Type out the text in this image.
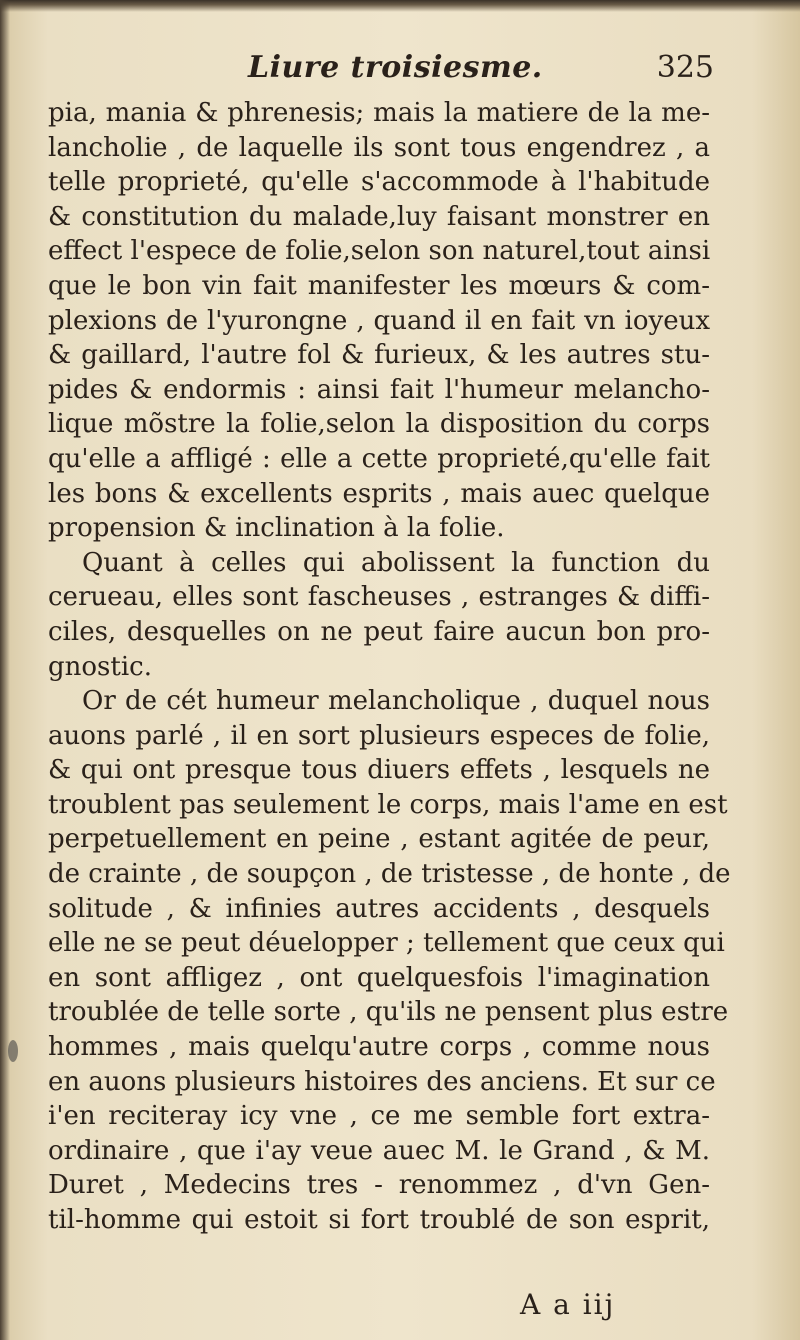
Liure troisiesme.	325
pia, mania & phrenesis; mais la matiere de la me-
lancholie , de laquelle ils sont tous engendrez , a
telle proprieté, qu'elle s'accommode à l'habitude
& constitution du malade,luy faisant monstrer en
effect l'espece de folie,selon son naturel,tout ainsi
que le bon vin fait manifester les mœurs & com-
plexions de l'yurongne , quand il en fait vn ioyeux
& gaillard, l'autre fol & furieux, & les autres stu-
pides & endormis : ainsi fait l'humeur melancho-
lique mõstre la folie,selon la disposition du corps
qu'elle a affligé : elle a cette proprieté,qu'elle fait
les bons & excellents esprits , mais auec quelque
propension & inclination à la folie.
Quant à celles qui abolissent la function du
cerueau, elles sont fascheuses , estranges & diffi-
ciles, desquelles on ne peut faire aucun bon pro-
gnostic.
Or de cét humeur melancholique , duquel nous
auons parlé , il en sort plusieurs especes de folie,
& qui ont presque tous diuers effets , lesquels ne
troublent pas seulement le corps, mais l'ame en est
perpetuellement en peine , estant agitée de peur,
de crainte , de soupçon , de tristesse , de honte , de
solitude , & infinies autres accidents , desquels
elle ne se peut déuelopper ; tellement que ceux qui
en sont affligez , ont quelquesfois l'imagination
troublée de telle sorte , qu'ils ne pensent plus estre
hommes , mais quelqu'autre corps , comme nous
en auons plusieurs histoires des anciens. Et sur ce
i'en reciteray icy vne , ce me semble fort extra-
ordinaire , que i'ay veue auec M. le Grand , & M.
Duret , Medecins tres - renommez , d'vn Gen-
til-homme qui estoit si fort troublé de son esprit,
A a iij
